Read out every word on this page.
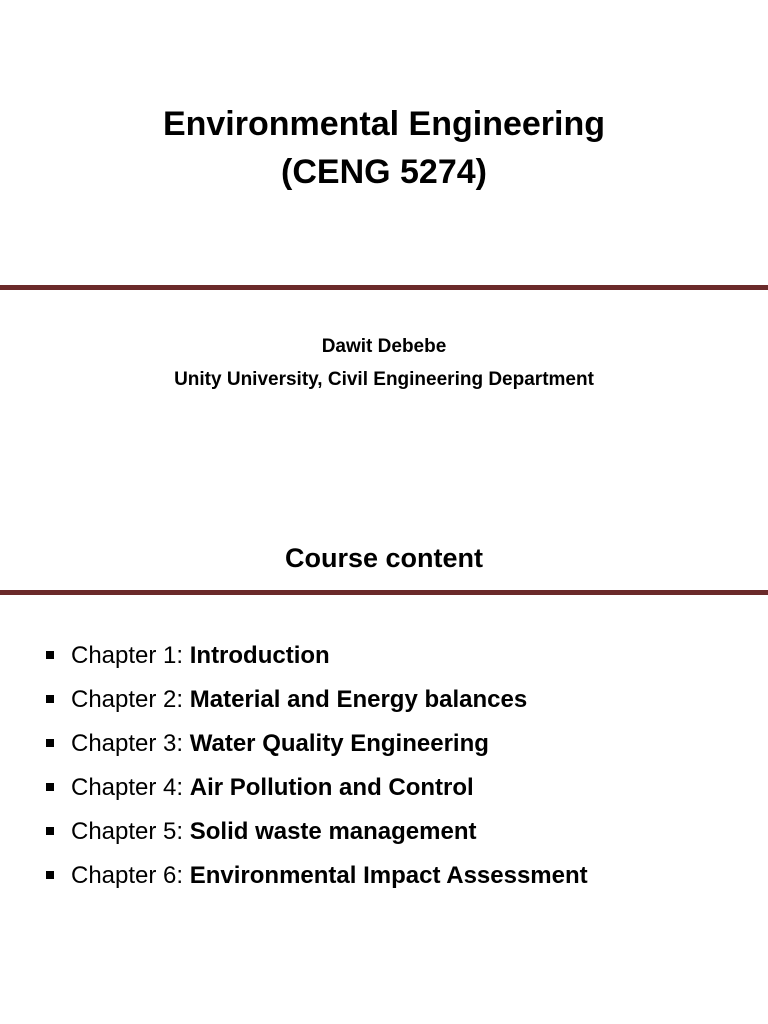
Environmental Engineering
(CENG 5274)
Dawit Debebe
Unity University, Civil Engineering Department
Course content
Chapter 1: Introduction
Chapter 2: Material and Energy balances
Chapter 3: Water Quality Engineering
Chapter 4: Air Pollution and Control
Chapter 5: Solid waste management
Chapter 6: Environmental Impact Assessment
